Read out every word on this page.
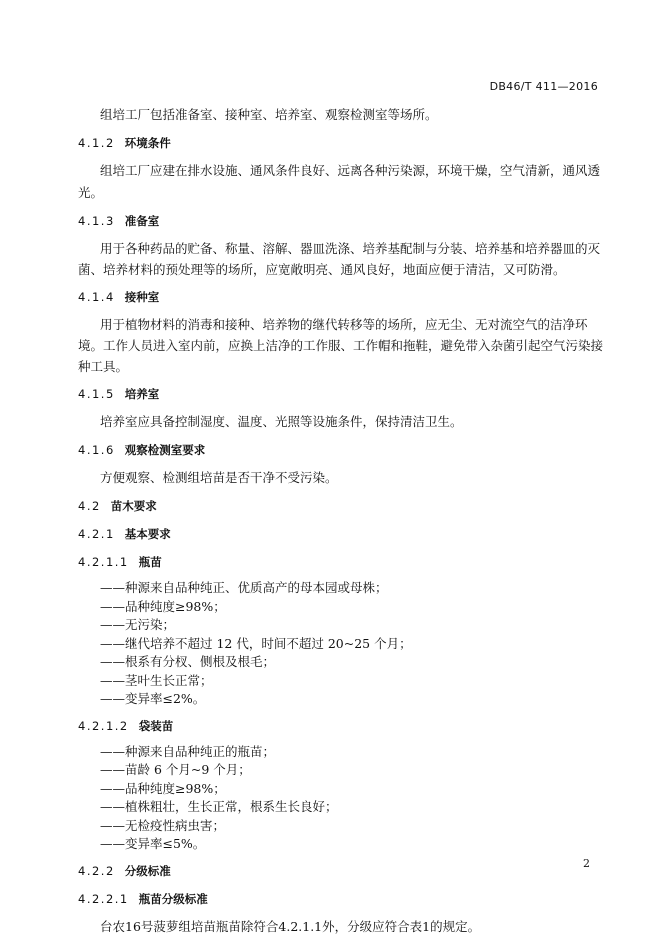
DB46/T 411—2016

组培工厂包括准备室、接种室、培养室、观察检测室等场所。

4.1.2 环境条件

组培工厂应建在排水设施、通风条件良好、远离各种污染源，环境干燥，空气清新，通风透光。

4.1.3 准备室

用于各种药品的贮备、称量、溶解、器皿洗涤、培养基配制与分装、培养基和培养器皿的灭菌、培养材料的预处理等的场所，应宽敞明亮、通风良好，地面应便于清洁，又可防滑。

4.1.4 接种室

用于植物材料的消毒和接种、培养物的继代转移等的场所，应无尘、无对流空气的洁净环境。工作人员进入室内前，应换上洁净的工作服、工作帽和拖鞋，避免带入杂菌引起空气污染接种工具。

4.1.5 培养室

培养室应具备控制湿度、温度、光照等设施条件，保持清洁卫生。

4.1.6 观察检测室要求

方便观察、检测组培苗是否干净不受污染。

4.2 苗木要求

4.2.1 基本要求

4.2.1.1 瓶苗

——种源来自品种纯正、优质高产的母本园或母株；
——品种纯度≥98%；
——无污染；
——继代培养不超过 12 代，时间不超过 20~25 个月；
——根系有分杈、侧根及根毛；
——茎叶生长正常；
——变异率≤2%。

4.2.1.2 袋装苗

——种源来自品种纯正的瓶苗；
——苗龄 6 个月~9 个月；
——品种纯度≥98%；
——植株粗壮，生长正常，根系生长良好；
——无检疫性病虫害；
——变异率≤5%。

4.2.2 分级标准

4.2.2.1 瓶苗分级标准

台农16号菠萝组培苗瓶苗除符合4.2.1.1外，分级应符合表1的规定。

2
